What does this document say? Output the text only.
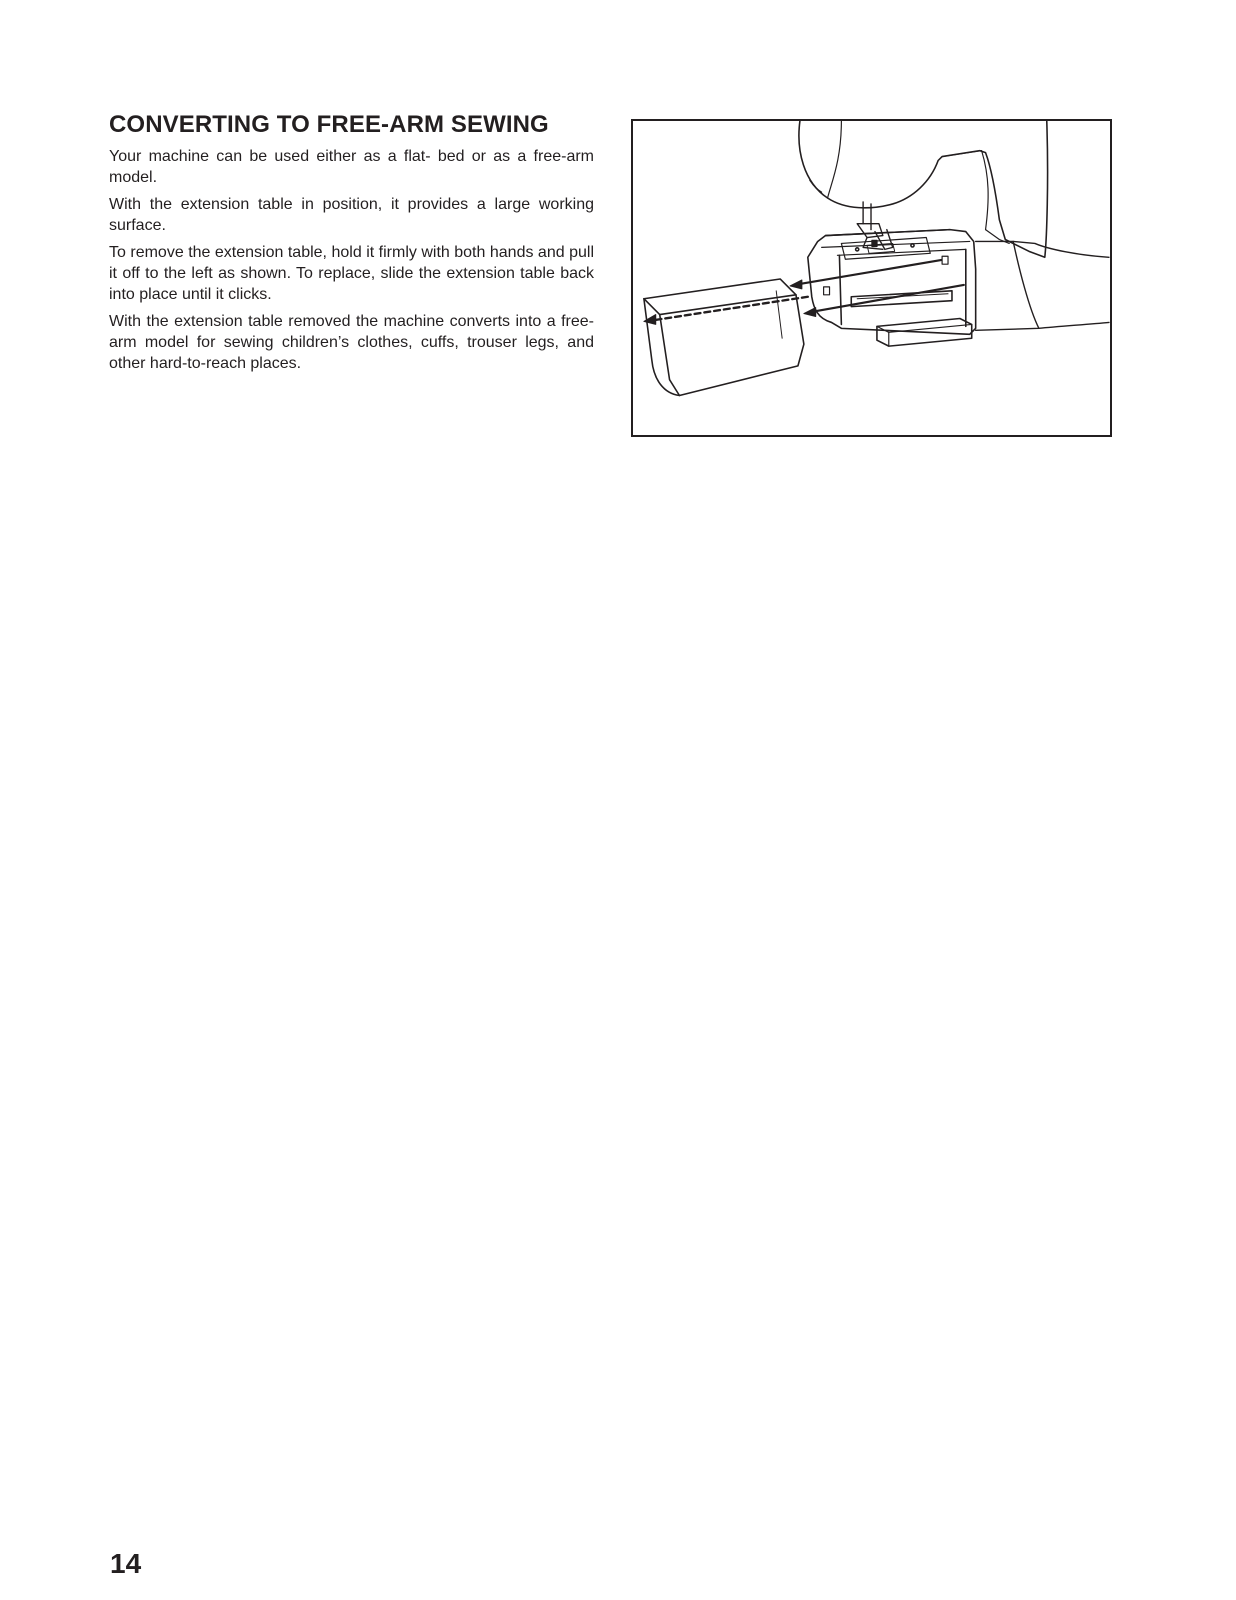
CONVERTING TO FREE-ARM SEWING

Your machine can be used either as a flat- bed or as a free-arm model.

With the extension table in position, it provides a large working surface.

To remove the extension table, hold it firmly with both hands and pull it off to the left as shown. To replace, slide the extension table back into place until it clicks.

With the extension table removed the machine converts into a free-arm model for sewing children’s clothes, cuffs, trouser legs, and other hard-to-reach places.

14
